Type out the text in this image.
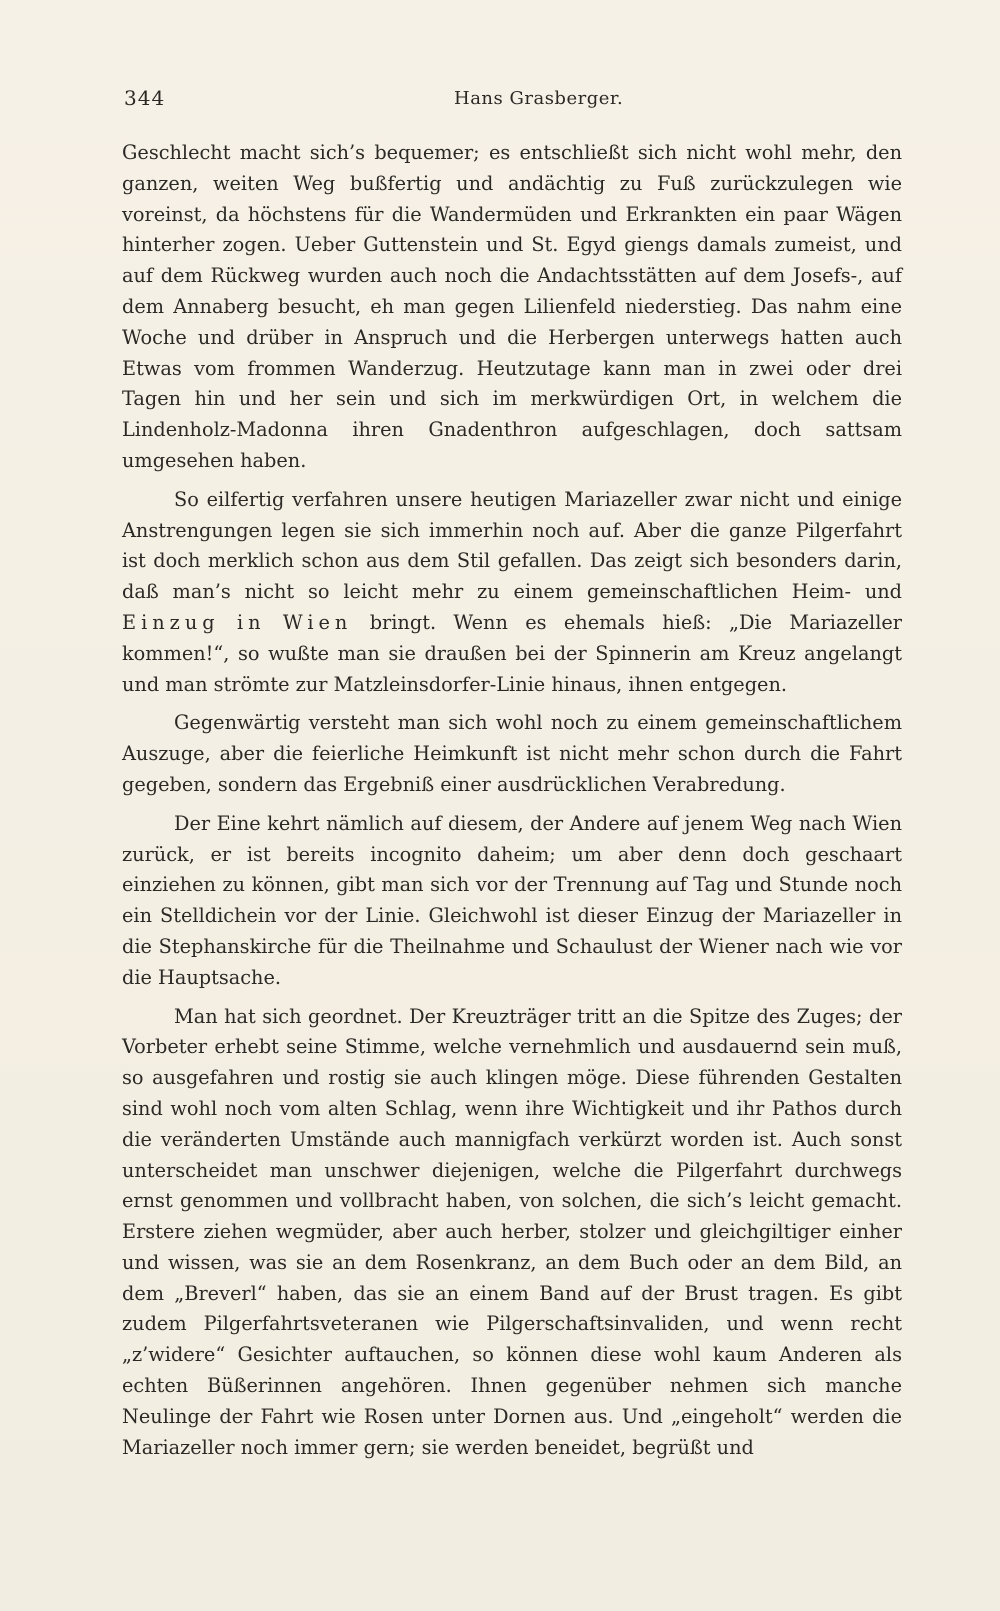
344	Hans Grasberger.

Geschlecht macht sich’s bequemer; es entschließt sich nicht wohl mehr, den ganzen, weiten Weg bußfertig und andächtig zu Fuß zurückzulegen wie voreinst, da höchstens für die Wandermüden und Erkrankten ein paar Wägen hinterher zogen. Ueber Guttenstein und St. Egyd giengs damals zumeist, und auf dem Rückweg wurden auch noch die Andachtsstätten auf dem Josefs-, auf dem Annaberg besucht, eh man gegen Lilienfeld niederstieg. Das nahm eine Woche und drüber in Anspruch und die Herbergen unterwegs hatten auch Etwas vom frommen Wanderzug. Heutzutage kann man in zwei oder drei Tagen hin und her sein und sich im merkwürdigen Ort, in welchem die Lindenholz-Madonna ihren Gnadenthron aufgeschlagen, doch sattsam umgesehen haben.

So eilfertig verfahren unsere heutigen Mariazeller zwar nicht und einige Anstrengungen legen sie sich immerhin noch auf. Aber die ganze Pilgerfahrt ist doch merklich schon aus dem Stil gefallen. Das zeigt sich besonders darin, daß man’s nicht so leicht mehr zu einem gemeinschaftlichen Heim- und Einzug in Wien bringt. Wenn es ehemals hieß: „Die Mariazeller kommen!“, so wußte man sie draußen bei der Spinnerin am Kreuz angelangt und man strömte zur Matzleinsdorfer-Linie hinaus, ihnen entgegen.

Gegenwärtig versteht man sich wohl noch zu einem gemeinschaftlichem Auszuge, aber die feierliche Heimkunft ist nicht mehr schon durch die Fahrt gegeben, sondern das Ergebniß einer ausdrücklichen Verabredung.

Der Eine kehrt nämlich auf diesem, der Andere auf jenem Weg nach Wien zurück, er ist bereits incognito daheim; um aber denn doch geschaart einziehen zu können, gibt man sich vor der Trennung auf Tag und Stunde noch ein Stelldichein vor der Linie. Gleichwohl ist dieser Einzug der Mariazeller in die Stephanskirche für die Theilnahme und Schaulust der Wiener nach wie vor die Hauptsache.

Man hat sich geordnet. Der Kreuzträger tritt an die Spitze des Zuges; der Vorbeter erhebt seine Stimme, welche vernehmlich und ausdauernd sein muß, so ausgefahren und rostig sie auch klingen möge. Diese führenden Gestalten sind wohl noch vom alten Schlag, wenn ihre Wichtigkeit und ihr Pathos durch die veränderten Umstände auch mannigfach verkürzt worden ist. Auch sonst unterscheidet man unschwer diejenigen, welche die Pilgerfahrt durchwegs ernst genommen und vollbracht haben, von solchen, die sich’s leicht gemacht. Erstere ziehen wegmüder, aber auch herber, stolzer und gleichgiltiger einher und wissen, was sie an dem Rosenkranz, an dem Buch oder an dem Bild, an dem „Breverl“ haben, das sie an einem Band auf der Brust tragen. Es gibt zudem Pilgerfahrtsveteranen wie Pilgerschaftsinvaliden, und wenn recht „z’widere“ Gesichter auftauchen, so können diese wohl kaum Anderen als echten Büßerinnen angehören. Ihnen gegenüber nehmen sich manche Neulinge der Fahrt wie Rosen unter Dornen aus. Und „eingeholt“ werden die Mariazeller noch immer gern; sie werden beneidet, begrüßt und
